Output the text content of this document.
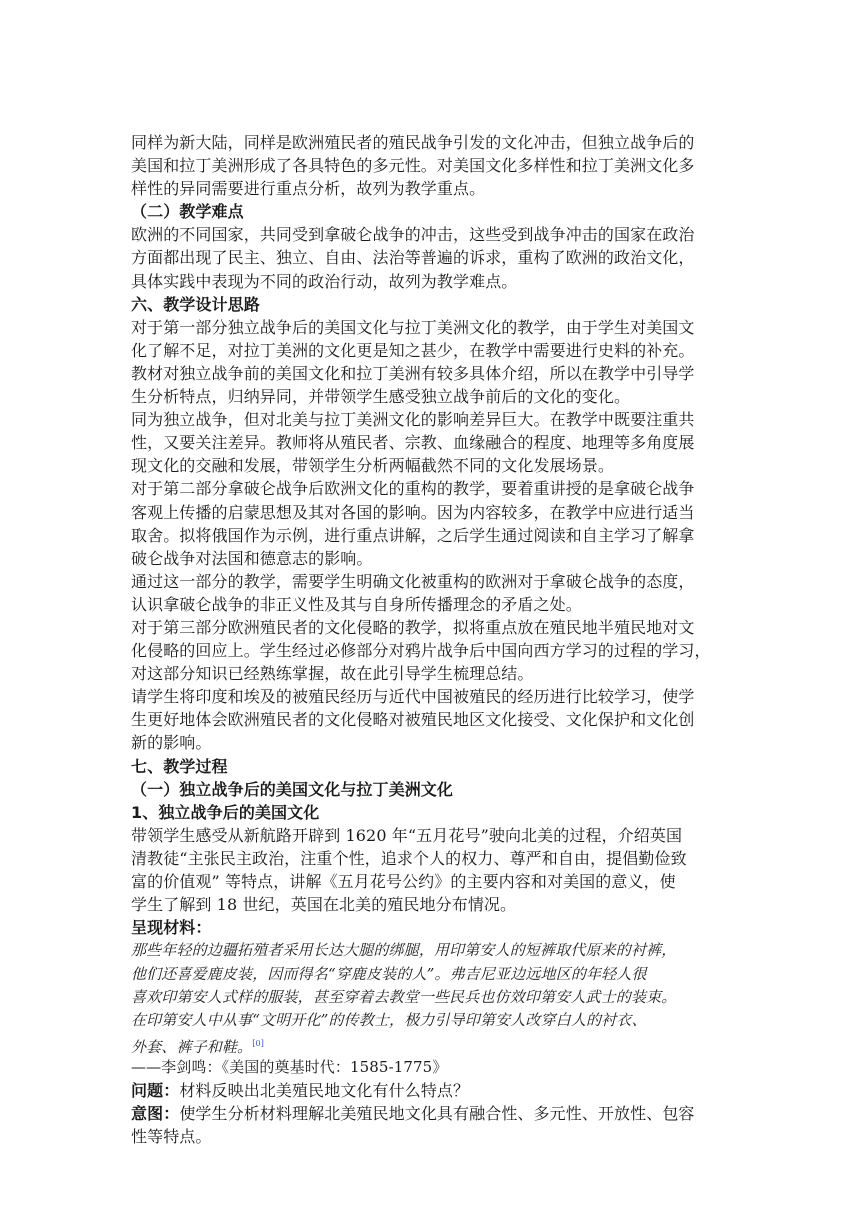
同样为新大陆，同样是欧洲殖民者的殖民战争引发的文化冲击，但独立战争后的
美国和拉丁美洲形成了各具特色的多元性。对美国文化多样性和拉丁美洲文化多
样性的异同需要进行重点分析，故列为教学重点。
（二）教学难点
欧洲的不同国家，共同受到拿破仑战争的冲击，这些受到战争冲击的国家在政治
方面都出现了民主、独立、自由、法治等普遍的诉求，重构了欧洲的政治文化，
具体实践中表现为不同的政治行动，故列为教学难点。
六、教学设计思路
对于第一部分独立战争后的美国文化与拉丁美洲文化的教学，由于学生对美国文
化了解不足，对拉丁美洲的文化更是知之甚少，在教学中需要进行史料的补充。
教材对独立战争前的美国文化和拉丁美洲有较多具体介绍，所以在教学中引导学
生分析特点，归纳异同，并带领学生感受独立战争前后的文化的变化。
同为独立战争，但对北美与拉丁美洲文化的影响差异巨大。在教学中既要注重共
性，又要关注差异。教师将从殖民者、宗教、血缘融合的程度、地理等多角度展
现文化的交融和发展，带领学生分析两幅截然不同的文化发展场景。
对于第二部分拿破仑战争后欧洲文化的重构的教学，要着重讲授的是拿破仑战争
客观上传播的启蒙思想及其对各国的影响。因为内容较多，在教学中应进行适当
取舍。拟将俄国作为示例，进行重点讲解，之后学生通过阅读和自主学习了解拿
破仑战争对法国和德意志的影响。
通过这一部分的教学，需要学生明确文化被重构的欧洲对于拿破仑战争的态度，
认识拿破仑战争的非正义性及其与自身所传播理念的矛盾之处。
对于第三部分欧洲殖民者的文化侵略的教学，拟将重点放在殖民地半殖民地对文
化侵略的回应上。学生经过必修部分对鸦片战争后中国向西方学习的过程的学习，
对这部分知识已经熟练掌握，故在此引导学生梳理总结。
请学生将印度和埃及的被殖民经历与近代中国被殖民的经历进行比较学习，使学
生更好地体会欧洲殖民者的文化侵略对被殖民地区文化接受、文化保护和文化创
新的影响。
七、教学过程
（一）独立战争后的美国文化与拉丁美洲文化
1、独立战争后的美国文化
带领学生感受从新航路开辟到 1620 年“五月花号”驶向北美的过程，介绍英国
清教徒“主张民主政治，注重个性，追求个人的权力、尊严和自由，提倡勤俭致
富的价值观” 等特点，讲解《五月花号公约》的主要内容和对美国的意义，使
学生了解到 18 世纪，英国在北美的殖民地分布情况。
呈现材料：
那些年轻的边疆拓殖者采用长达大腿的绑腿，用印第安人的短裤取代原来的衬裤，
他们还喜爱鹿皮装，因而得名“穿鹿皮装的人”。弗吉尼亚边远地区的年轻人很
喜欢印第安人式样的服装，甚至穿着去教堂一些民兵也仿效印第安人武士的装束。
在印第安人中从事“文明开化”的传教士，极力引导印第安人改穿白人的衬衣、
外套、裤子和鞋。[0]
——李剑鸣：《美国的奠基时代：1585-1775》
问题：材料反映出北美殖民地文化有什么特点？
意图：使学生分析材料理解北美殖民地文化具有融合性、多元性、开放性、包容
性等特点。
